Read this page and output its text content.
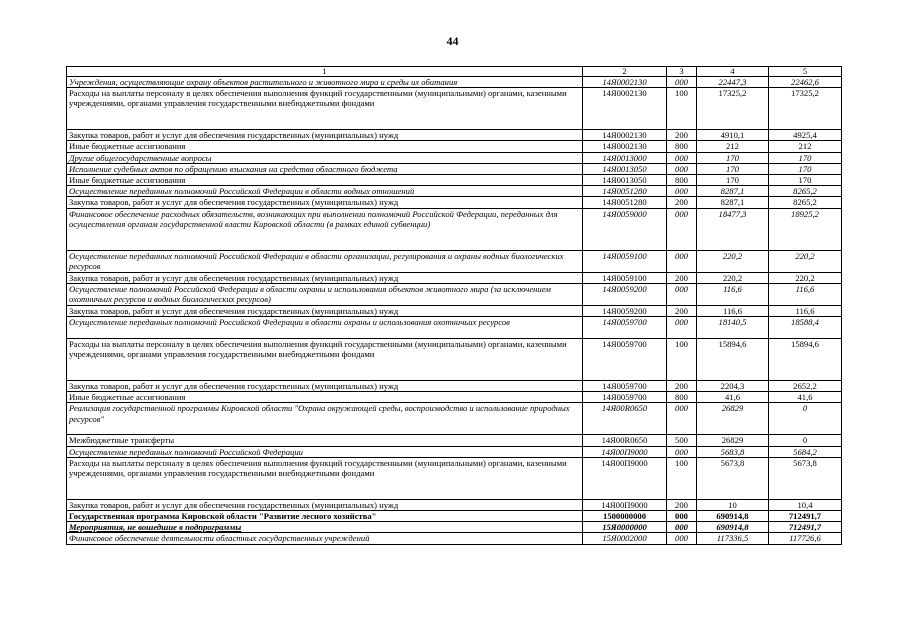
44
1	2	3	4	5
Учреждения, осуществляющие охрану объектов растительного и животного мира и среды их обитания	14Я0002130	000	22447,3	22462,6
Расходы на выплаты персоналу в целях обеспечения выполнения функций государственными (муниципальными) органами, казенными учреждениями, органами управления государственными внебюджетными фондами	14Я0002130	100	17325,2	17325,2
Закупка товаров, работ и услуг для обеспечения государственных (муниципальных) нужд	14Я0002130	200	4910,1	4925,4
Иные бюджетные ассигнования	14Я0002130	800	212	212
Другие общегосударственные вопросы	14Я0013000	000	170	170
Исполнение судебных актов по обращению взыскания на средства областного бюджета	14Я0013050	000	170	170
Иные бюджетные ассигнования	14Я0013050	800	170	170
Осуществление переданных полномочий Российской Федерации в области водных отношений	14Я0051280	000	8287,1	8265,2
Закупка товаров, работ и услуг для обеспечения государственных (муниципальных) нужд	14Я0051280	200	8287,1	8265,2
Финансовое обеспечение расходных обязательств, возникающих при выполнении полномочий Российской Федерации, переданных для осуществления органам государственной власти Кировской области (в рамках единой субвенции)	14Я0059000	000	18477,3	18925,2
Осуществление переданных полномочий Российской Федерации в области организации, регулирования и охраны водных биологических ресурсов	14Я0059100	000	220,2	220,2
Закупка товаров, работ и услуг для обеспечения государственных (муниципальных) нужд	14Я0059100	200	220,2	220,2
Осуществление полномочий Российской Федерации в области охраны и использования объектов животного мира (за исключением охотничьих ресурсов и водных биологических ресурсов)	14Я0059200	000	116,6	116,6
Закупка товаров, работ и услуг для обеспечения государственных (муниципальных) нужд	14Я0059200	200	116,6	116,6
Осуществление переданных полномочий Российской Федерации в области охраны и использования охотничьих ресурсов	14Я0059700	000	18140,5	18588,4
Расходы на выплаты персоналу в целях обеспечения выполнения функций государственными (муниципальными) органами, казенными учреждениями, органами управления государственными внебюджетными фондами	14Я0059700	100	15894,6	15894,6
Закупка товаров, работ и услуг для обеспечения государственных (муниципальных) нужд	14Я0059700	200	2204,3	2652,2
Иные бюджетные ассигнования	14Я0059700	800	41,6	41,6
Реализация государственной программы Кировской области "Охрана окружающей среды, воспроизводство и использование природных ресурсов"	14Я00R0650	000	26829	0
Межбюджетные трансферты	14Я00R0650	500	26829	0
Осуществление переданных полномочий Российской Федерации	14Я00П9000	000	5683,8	5684,2
Расходы на выплаты персоналу в целях обеспечения выполнения функций государственными (муниципальными) органами, казенными учреждениями, органами управления государственными внебюджетными фондами	14Я00П9000	100	5673,8	5673,8
Закупка товаров, работ и услуг для обеспечения государственных (муниципальных) нужд	14Я00П9000	200	10	10,4
Государственная программа Кировской области "Развитие лесного хозяйства"	1500000000	000	690914,8	712491,7
Мероприятия, не вошедшие в подпрограммы	15Я0000000	000	690914,8	712491,7
Финансовое обеспечение деятельности областных государственных учреждений	15Я0002000	000	117336,5	117726,6
